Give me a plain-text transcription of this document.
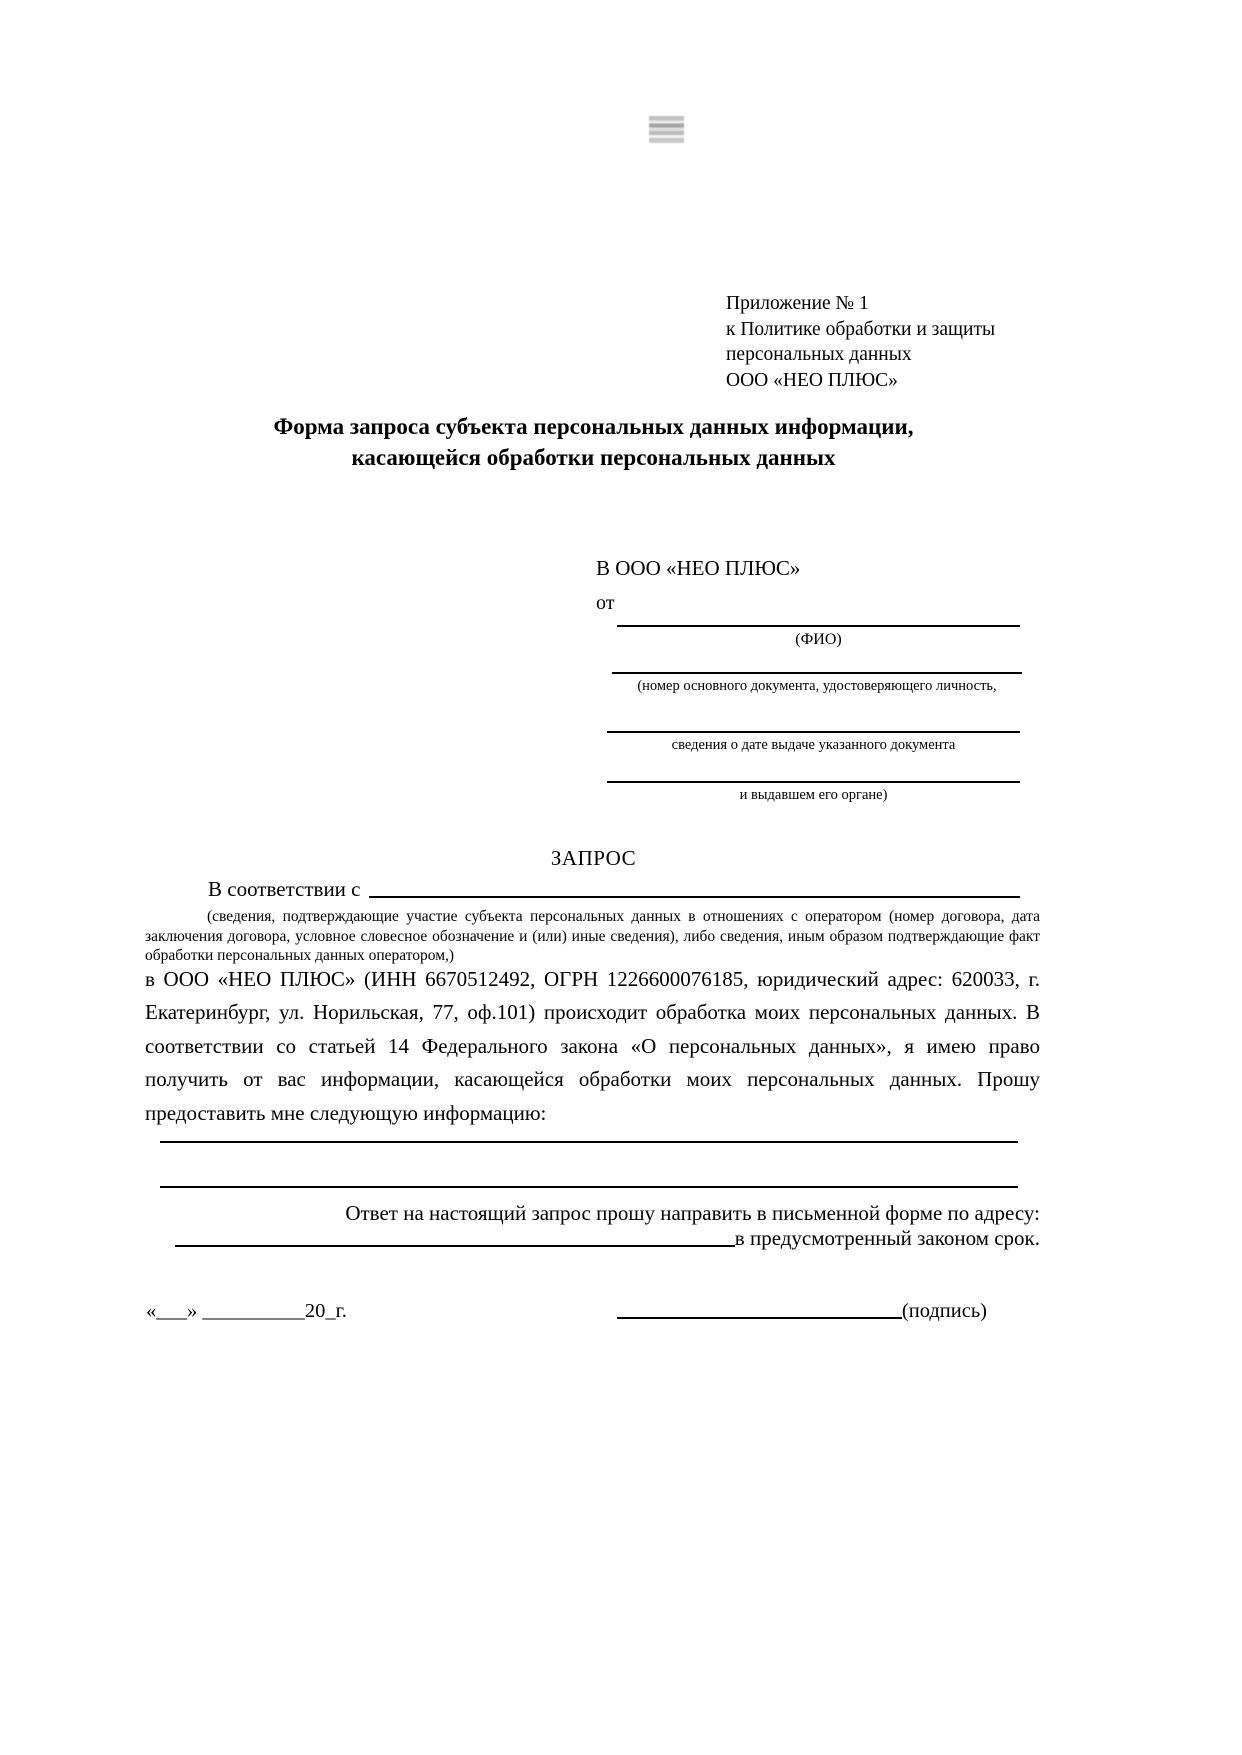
Приложение № 1
к Политике обработки и защиты
персональных данных
ООО «НЕО ПЛЮС»
Форма запроса субъекта персональных данных информации,
касающейся обработки персональных данных
В ООО «НЕО ПЛЮС»
от
(ФИО)
(номер основного документа, удостоверяющего личность,
сведения о дате выдаче указанного документа
и выдавшем его органе)
ЗАПРОС
В соответствии с
(сведения, подтверждающие участие субъекта персональных данных в отношениях с оператором (номер договора, дата заключения договора, условное словесное обозначение и (или) иные сведения), либо сведения, иным образом подтверждающие факт обработки персональных данных оператором,)
в ООО «НЕО ПЛЮС» (ИНН 6670512492, ОГРН 1226600076185, юридический адрес: 620033, г. Екатеринбург, ул. Норильская, 77, оф.101) происходит обработка моих персональных данных. В соответствии со статьей 14 Федерального закона «О персональных данных», я имею право получить от вас информации, касающейся обработки моих персональных данных. Прошу предоставить мне следующую информацию:
Ответ на настоящий запрос прошу направить в письменной форме по адресу:
в предусмотренный законом срок.
«___» __________20_г.	(подпись)
